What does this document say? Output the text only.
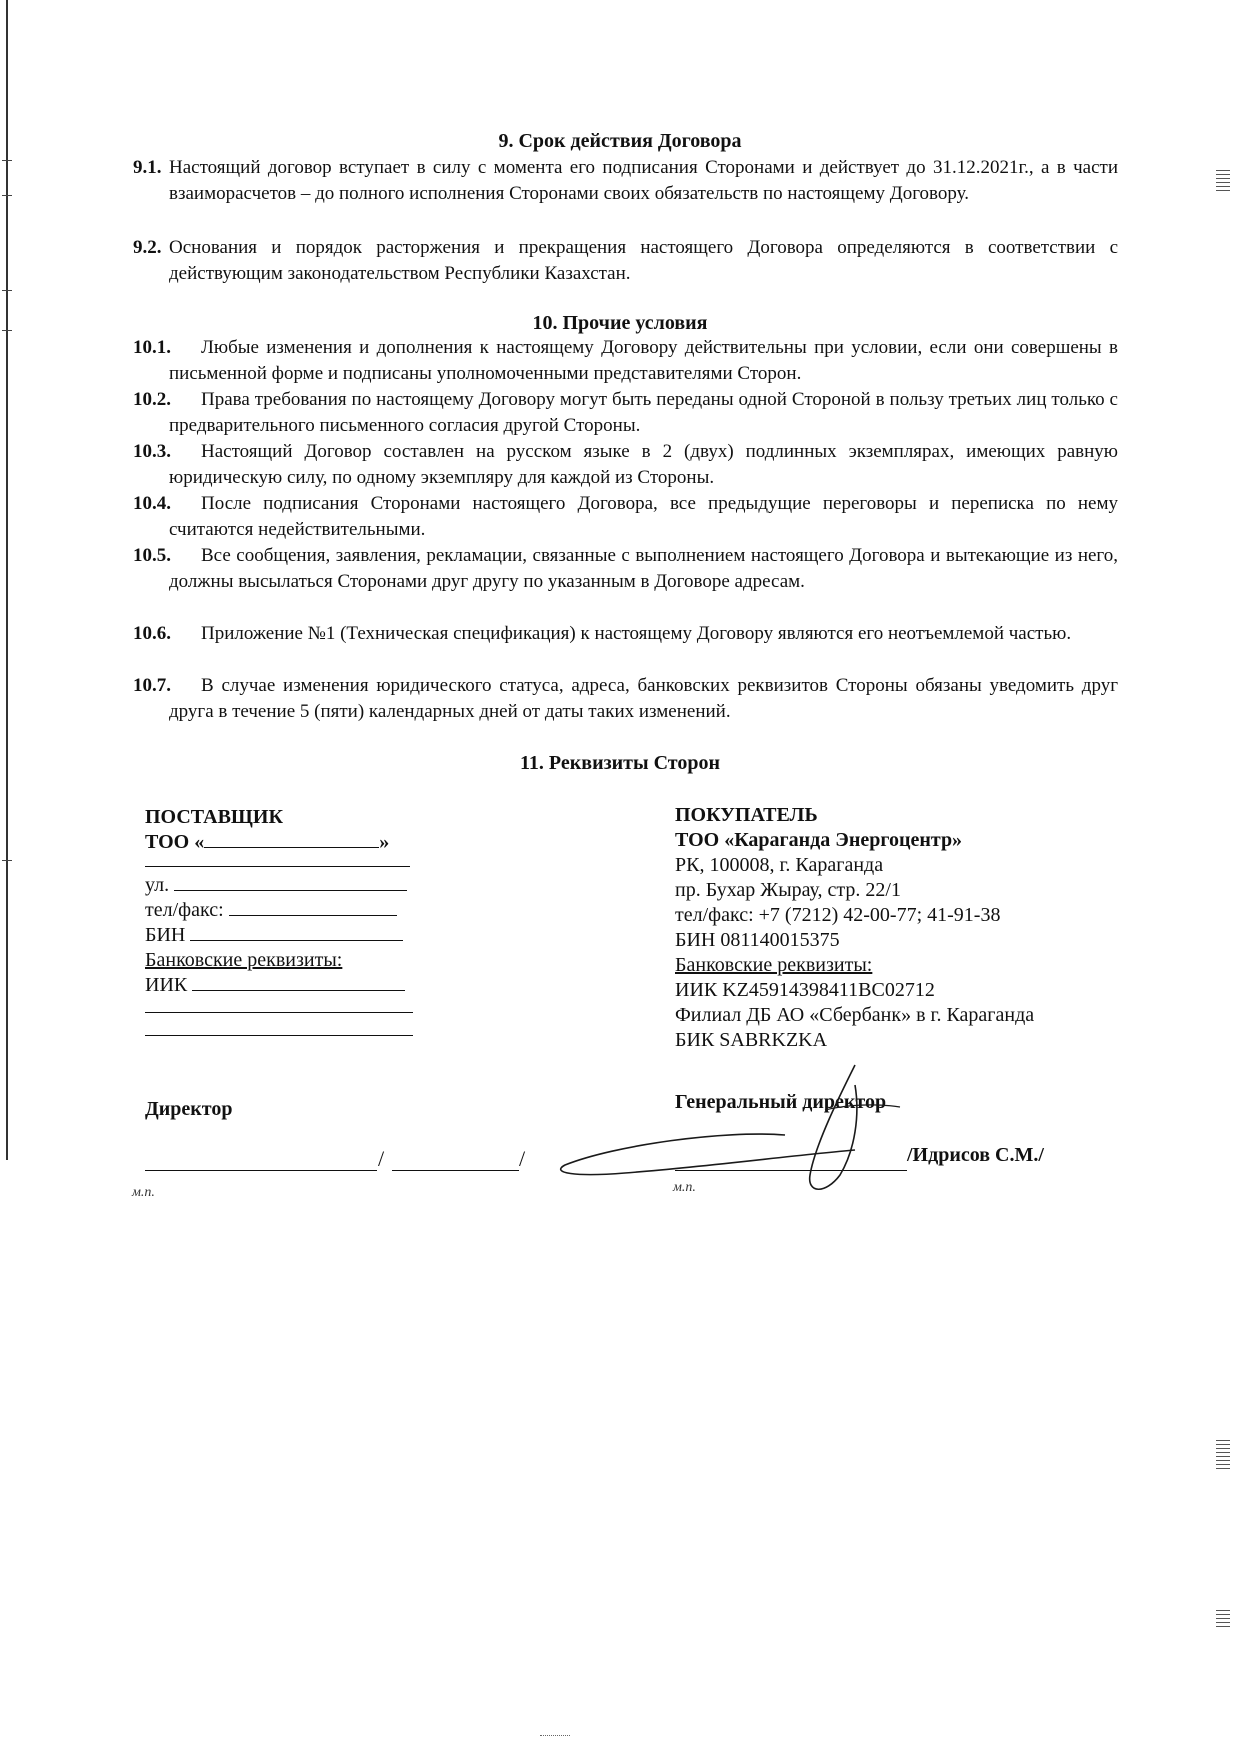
9. Срок действия Договора
9.1. Настоящий договор вступает в силу с момента его подписания Сторонами и действует до 31.12.2021г., а в части взаиморасчетов – до полного исполнения Сторонами своих обязательств по настоящему Договору.
9.2. Основания и порядок расторжения и прекращения настоящего Договора определяются в соответствии с действующим законодательством Республики Казахстан.
10. Прочие условия
10.1.	Любые изменения и дополнения к настоящему Договору действительны при условии, если они совершены в письменной форме и подписаны уполномоченными представителями Сторон.
10.2.	Права требования по настоящему Договору могут быть переданы одной Стороной в пользу третьих лиц только с предварительного письменного согласия другой Стороны.
10.3.	Настоящий Договор составлен на русском языке в 2 (двух) подлинных экземплярах, имеющих равную юридическую силу, по одному экземпляру для каждой из Стороны.
10.4.	После подписания Сторонами настоящего Договора, все предыдущие переговоры и переписка по нему считаются недействительными.
10.5.	Все сообщения, заявления, рекламации, связанные с выполнением настоящего Договора и вытекающие из него, должны высылаться Сторонами друг другу по указанным в Договоре адресам.
10.6.	Приложение №1 (Техническая спецификация) к настоящему Договору являются его неотъемлемой частью.
10.7.	В случае изменения юридического статуса, адреса, банковских реквизитов Стороны обязаны уведомить друг друга в течение 5 (пяти) календарных дней от даты таких изменений.
11. Реквизиты Сторон
ПОСТАВЩИК
ТОО «	»
ул.
тел/факс:
БИН
Банковские реквизиты:
ИИК
Директор
/	/
м.п.
ПОКУПАТЕЛЬ
ТОО «Караганда Энергоцентр»
РК, 100008, г. Караганда
пр. Бухар Жырау, стр. 22/1
тел/факс: +7 (7212) 42-00-77; 41-91-38
БИН 081140015375
Банковские реквизиты:
ИИК KZ45914398411BC02712
Филиал ДБ АО «Сбербанк» в г. Караганда
БИК SABRKZKA
Генеральный директор
/Идрисов С.М./
м.п.
